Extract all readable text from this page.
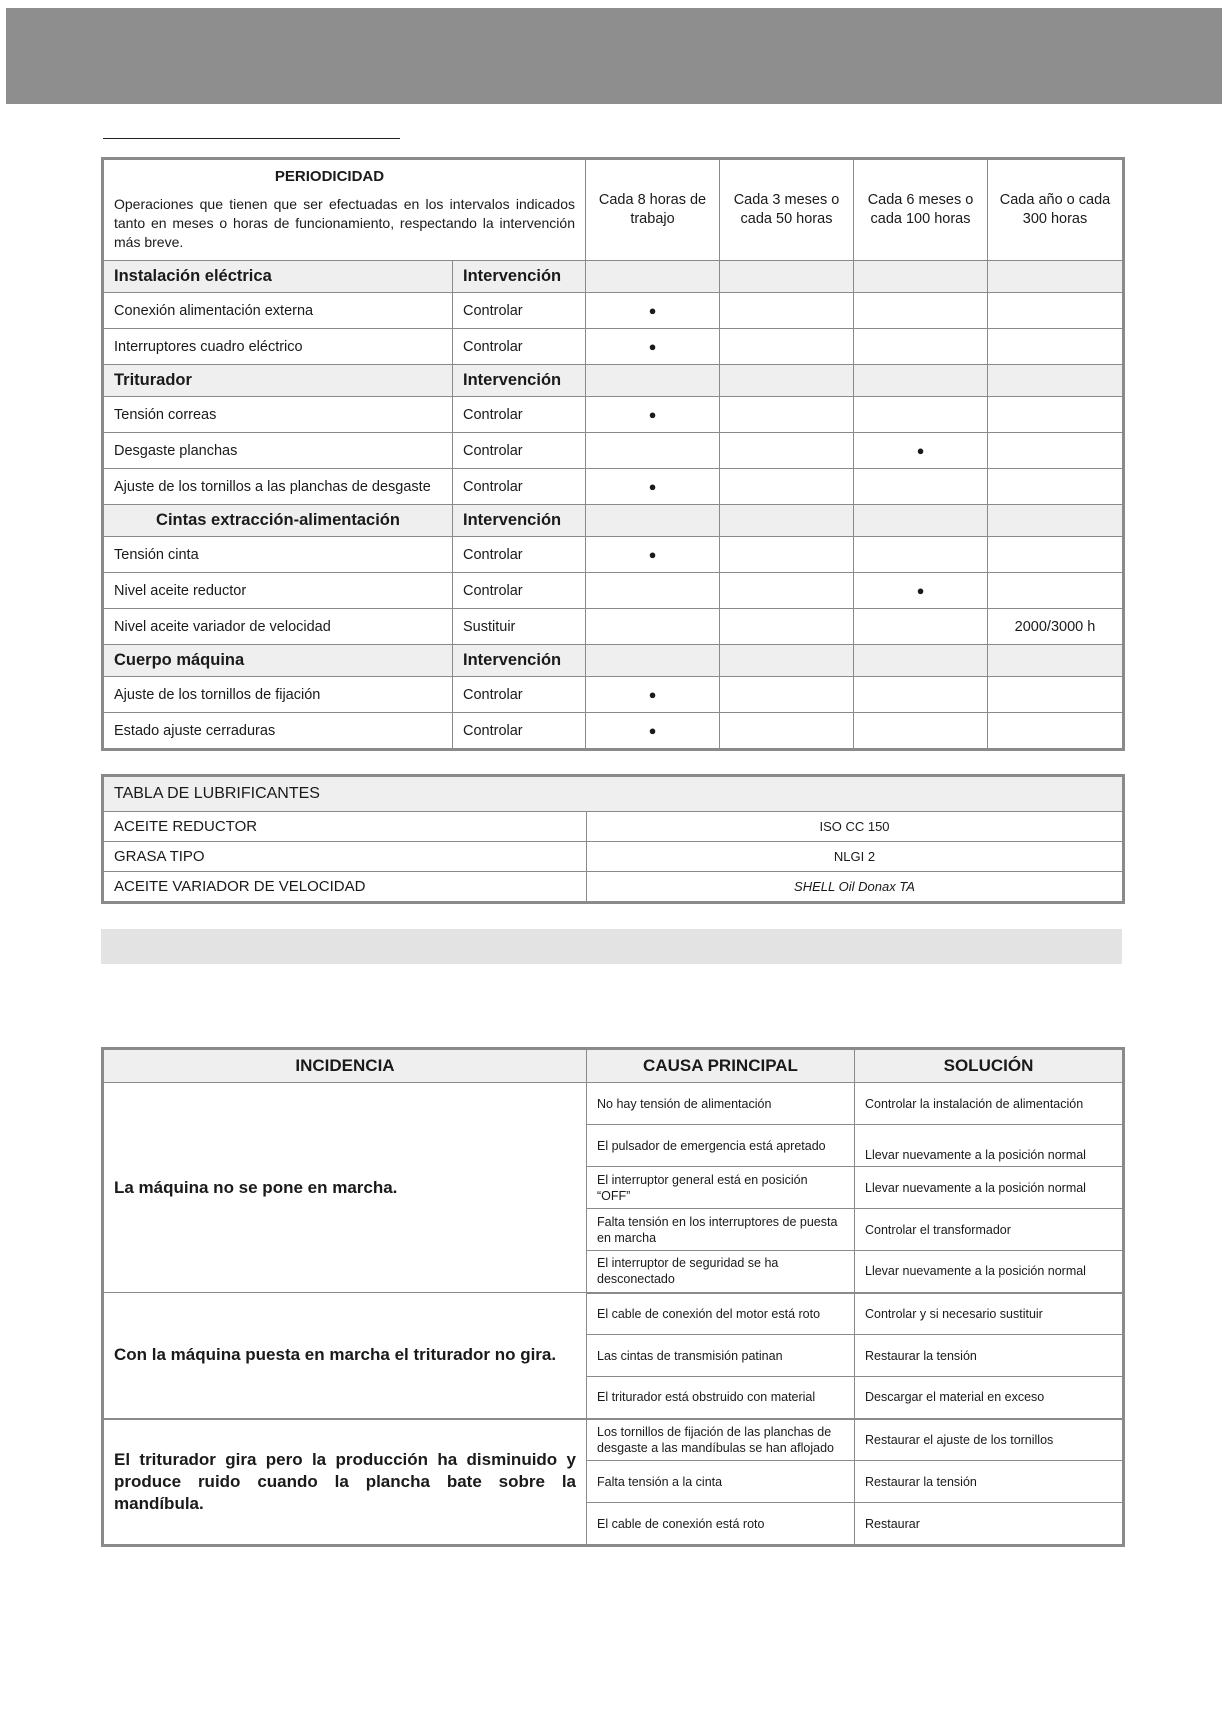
PERIODICIDAD
Operaciones que tienen que ser efectuadas en los intervalos indicados tanto en meses o horas de funcionamiento, respectando la intervención más breve.		Cada 8 horas de trabajo	Cada 3 meses o cada 50 horas	Cada 6 meses o cada 100 horas	Cada año o cada 300 horas
Instalación eléctrica	Intervención				
Conexión alimentación externa	Controlar	●			
Interruptores cuadro eléctrico	Controlar	●			
Triturador	Intervención				
Tensión correas	Controlar	●			
Desgaste planchas	Controlar			●	
Ajuste de los tornillos a las planchas de desgaste	Controlar	●			
Cintas extracción-alimentación	Intervención				
Tensión cinta	Controlar	●			
Nivel aceite reductor	Controlar			●	
Nivel aceite variador de velocidad	Sustituir				2000/3000 h
Cuerpo máquina	Intervención				
Ajuste de los tornillos de fijación	Controlar	●			
Estado ajuste cerraduras	Controlar	●			
TABLA DE LUBRIFICANTES	
ACEITE REDUCTOR	ISO CC 150
GRASA TIPO	NLGI 2
ACEITE VARIADOR DE VELOCIDAD	SHELL Oil Donax TA
INCIDENCIA	CAUSA PRINCIPAL	SOLUCIÓN
La máquina no se pone en marcha.	No hay tensión de alimentación	Controlar la instalación de alimentación
	El pulsador de emergencia está apretado	Llevar nuevamente a la posición normal
	El interruptor general está en posición “OFF”	Llevar nuevamente a la posición normal
	Falta tensión en los interruptores de puesta en marcha	Controlar el transformador
	El interruptor de seguridad se ha desconectado	Llevar nuevamente a la posición normal
Con la máquina puesta en marcha el triturador no gira.	El cable de conexión del motor está roto	Controlar y si necesario sustituir
	Las cintas de transmisión patinan	Restaurar la tensión
	El triturador está obstruido con material	Descargar el material en exceso
El triturador gira pero la producción ha disminuido y produce ruido cuando la plancha bate sobre la mandíbula.	Los tornillos de fijación de las planchas de desgaste a las mandíbulas se han aflojado	Restaurar el ajuste de los tornillos
	Falta tensión a la cinta	Restaurar la tensión
	El cable de conexión está roto	Restaurar
